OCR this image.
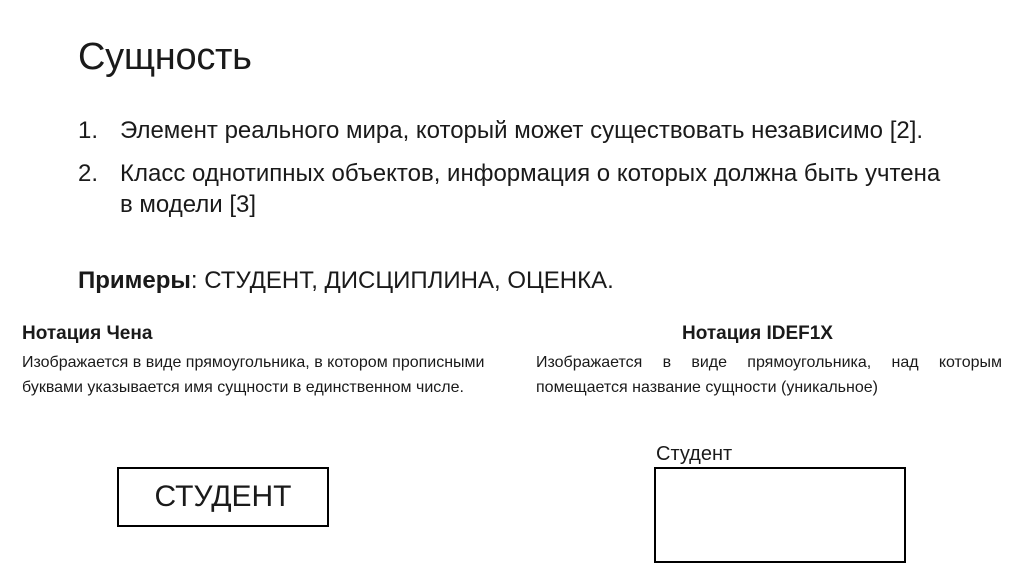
Сущность
1. Элемент реального мира, который может существовать независимо [2].
2. Класс однотипных объектов, информация о которых должна быть учтена в модели [3]
Примеры: СТУДЕНТ, ДИСЦИПЛИНА, ОЦЕНКА.
Нотация Чена
Изображается в виде прямоугольника, в котором прописными буквами указывается имя сущности в единственном числе.
СТУДЕНТ
Нотация IDEF1X
Изображается в виде прямоугольника, над которым помещается название сущности (уникальное)
Студент
